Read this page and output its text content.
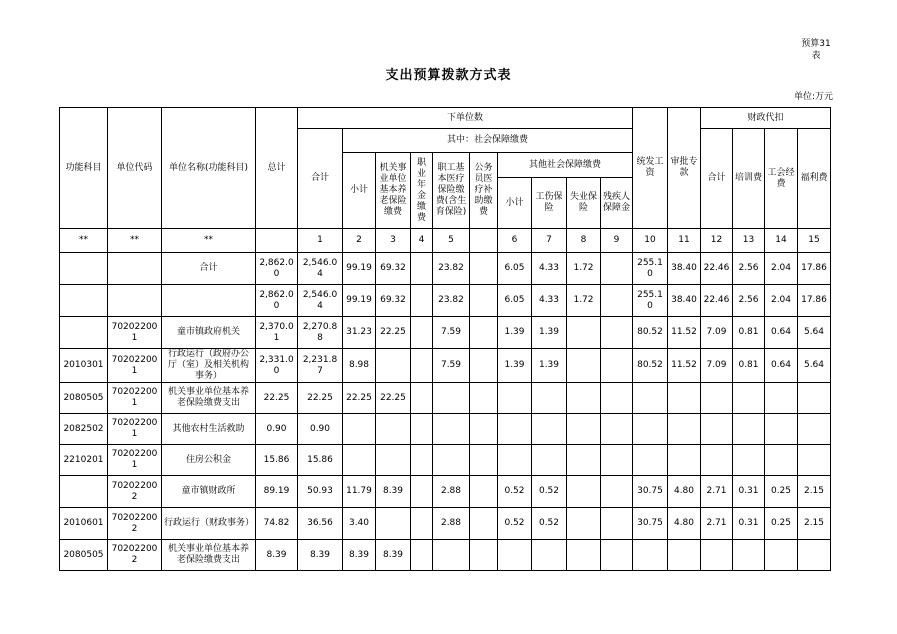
预算31
表
支出预算拨款方式表
单位:万元
功能科目	单位代码	单位名称(功能科目)	总计	下单位数										统发工资	审批专款	财政代扣			
				合计	其中：社会保障缴费											合计	培训费	工会经费	福利费
					小计	机关事业单位基本养老保险缴费	职业年金缴费	职工基本医疗保险缴费(含生育保险)	公务员医疗补助缴费	其他社会保障缴费									
										小计	工伤保险	失业保险	残疾人保障金						
**	**	**		1	2	3	4	5		6	7	8	9	10	11	12	13	14	15
		合计	2,862.00	2,546.04	99.19	69.32		23.82		6.05	4.33	1.72		255.10	38.40	22.46	2.56	2.04	17.86
			2,862.00	2,546.04	99.19	69.32		23.82		6.05	4.33	1.72		255.10	38.40	22.46	2.56	2.04	17.86
	702022001	童市镇政府机关	2,370.01	2,270.88	31.23	22.25		7.59		1.39	1.39			80.52	11.52	7.09	0.81	0.64	5.64
2010301	702022001	行政运行（政府办公厅（室）及相关机构事务）	2,331.00	2,231.87	8.98			7.59		1.39	1.39			80.52	11.52	7.09	0.81	0.64	5.64
2080505	702022001	机关事业单位基本养老保险缴费支出	22.25	22.25	22.25	22.25													
2082502	702022001	其他农村生活救助	0.90	0.90															
2210201	702022001	住房公积金	15.86	15.86															
	702022002	童市镇财政所	89.19	50.93	11.79	8.39		2.88		0.52	0.52			30.75	4.80	2.71	0.31	0.25	2.15
2010601	702022002	行政运行（财政事务）	74.82	36.56	3.40			2.88		0.52	0.52			30.75	4.80	2.71	0.31	0.25	2.15
2080505	702022002	机关事业单位基本养老保险缴费支出	8.39	8.39	8.39	8.39													
